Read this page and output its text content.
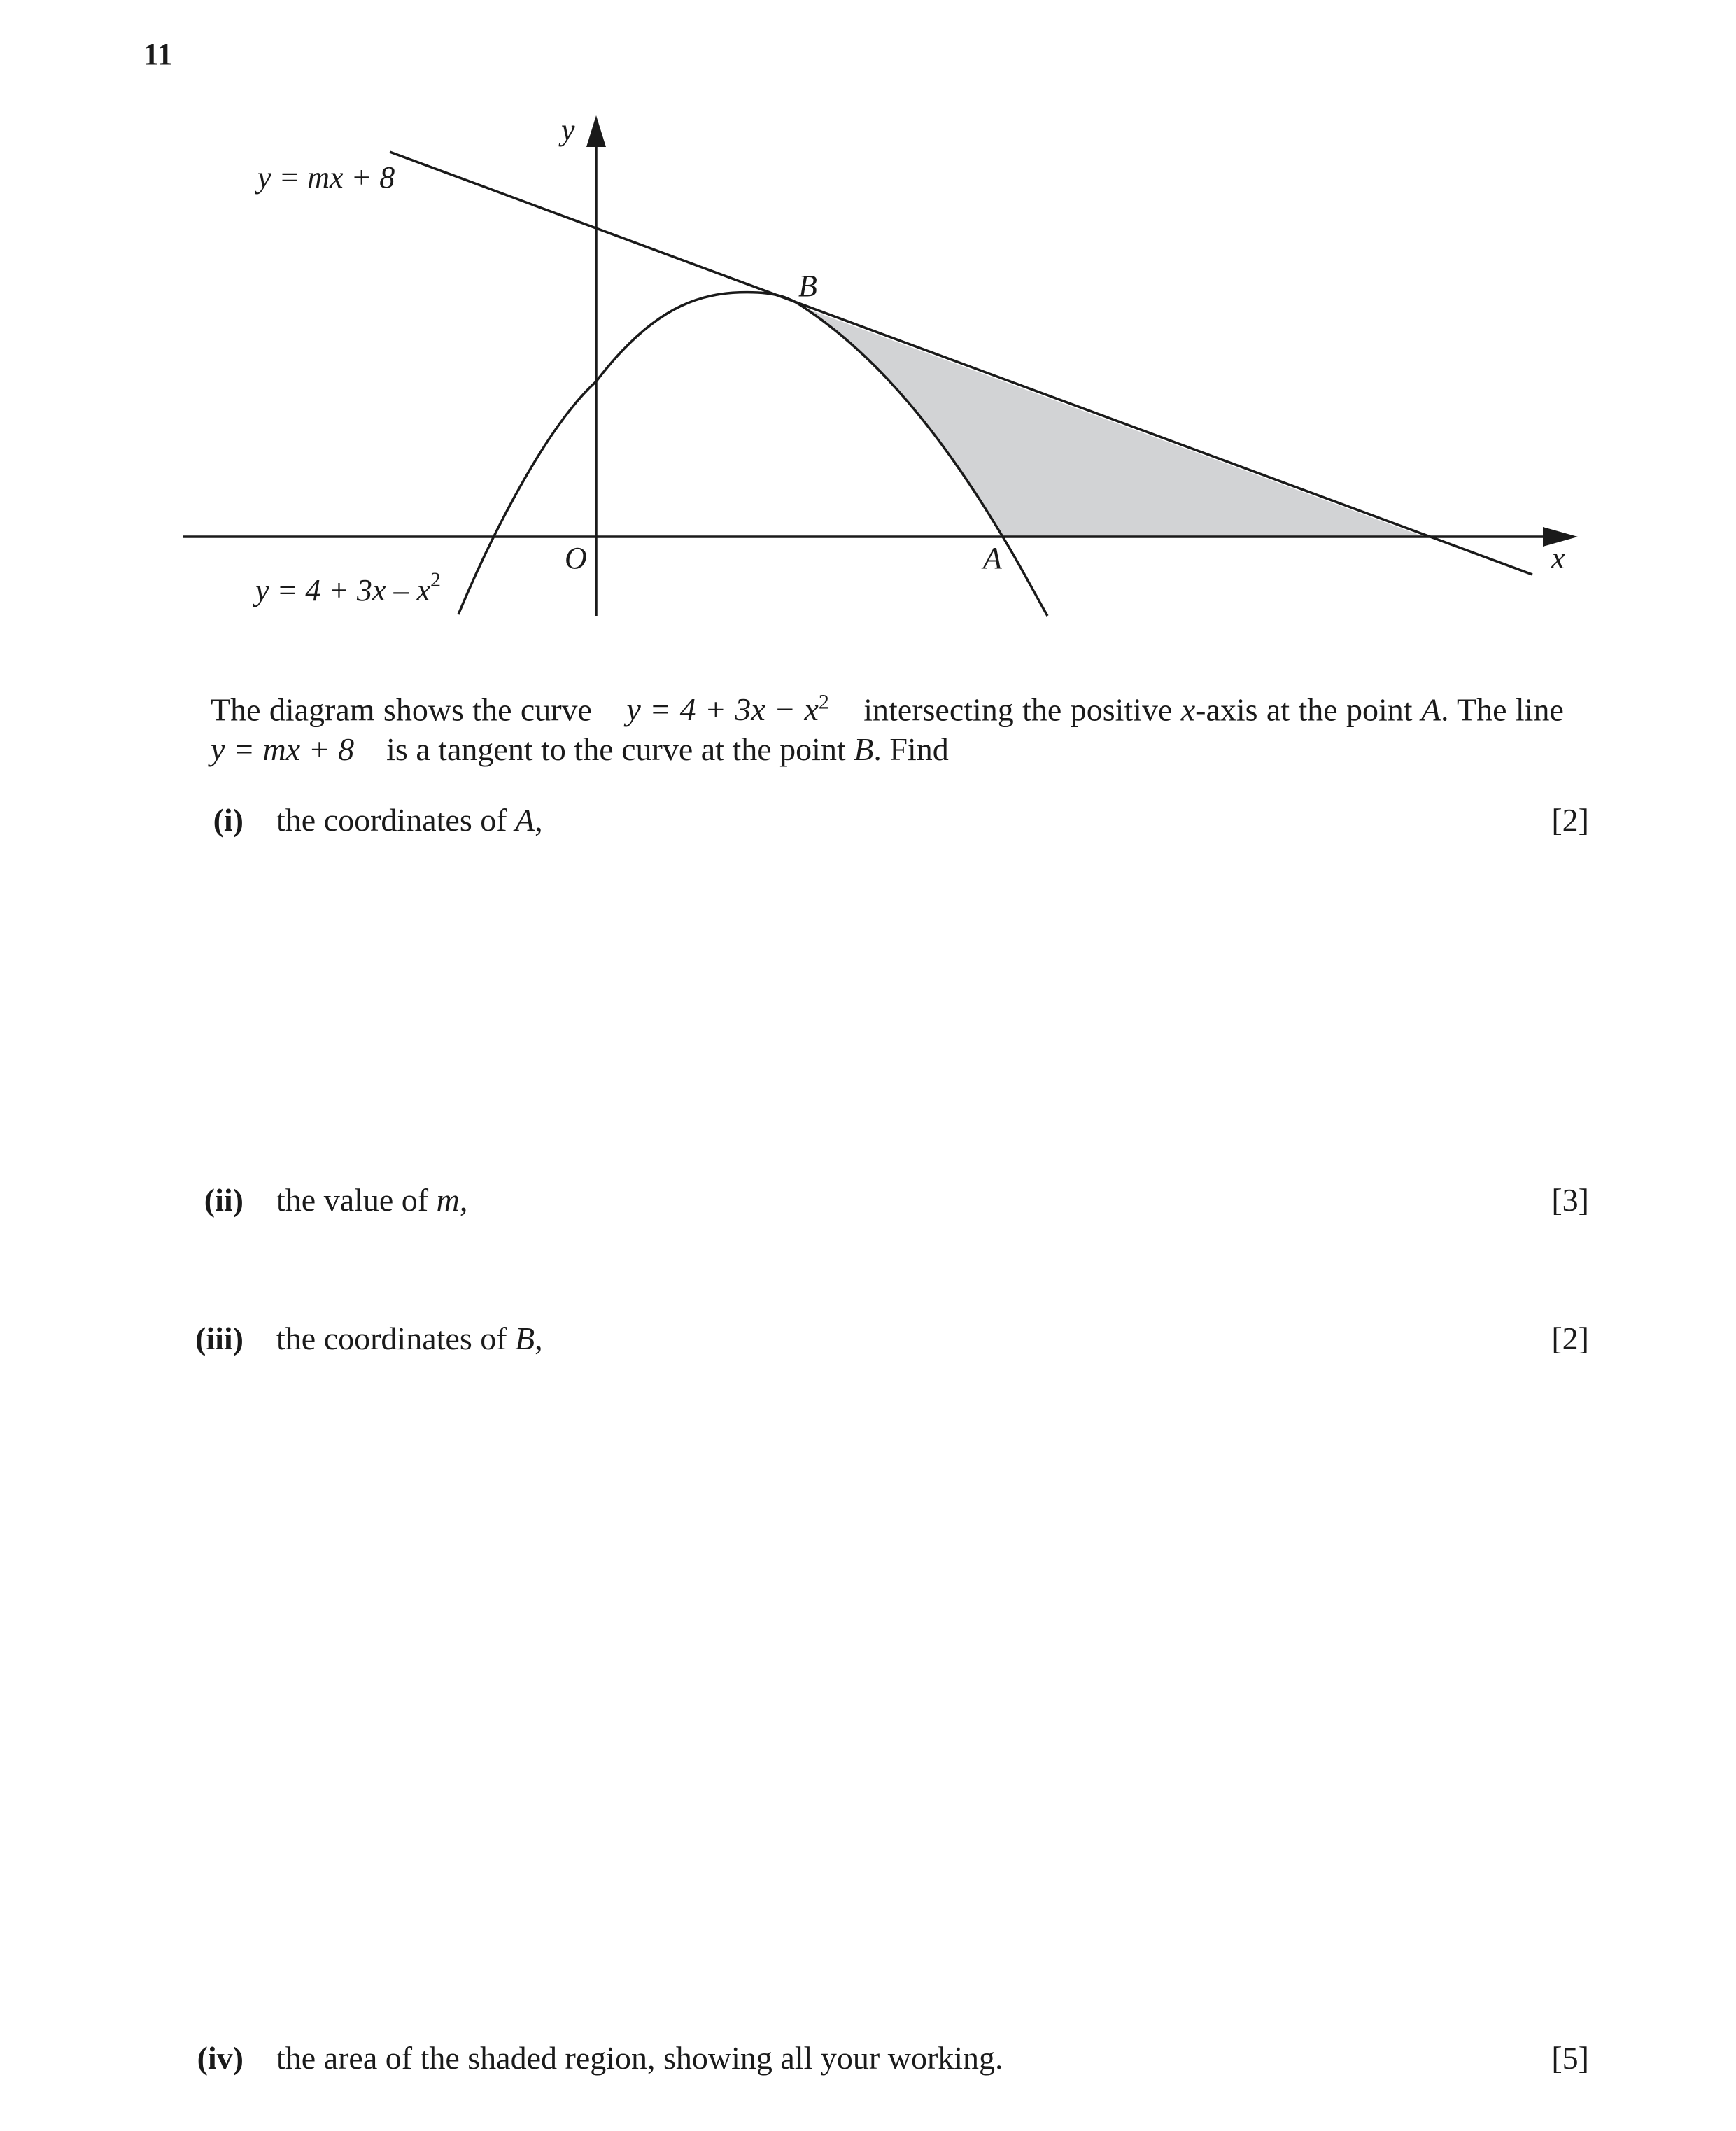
11
y
x
O	A
B
y = mx + 8
$y = 4 + 3x - x^2$
The diagram shows the curve $y = 4 + 3x - x^2$ intersecting the positive x-axis at the point A. The line    y = mx + 8 is a tangent to the curve at the point B. Find
(i) the coordinates of A,	[2]
(ii) the value of m,	[3]
(iii) the coordinates of B,	[2]
(iv) the area of the shaded region, showing all your working.	[5]
